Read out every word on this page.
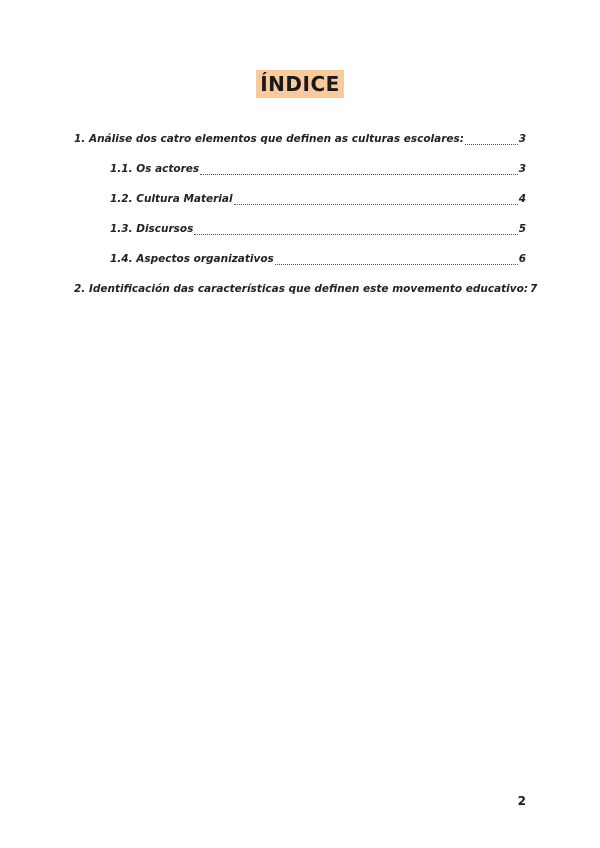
ÍNDICE
1. Análise dos catro elementos que definen as culturas escolares:	3
1.1. Os actores	3
1.2. Cultura Material	4
1.3. Discursos	5
1.4. Aspectos organizativos	6
2. Identificación das características que definen este movemento educativo: 7
2
